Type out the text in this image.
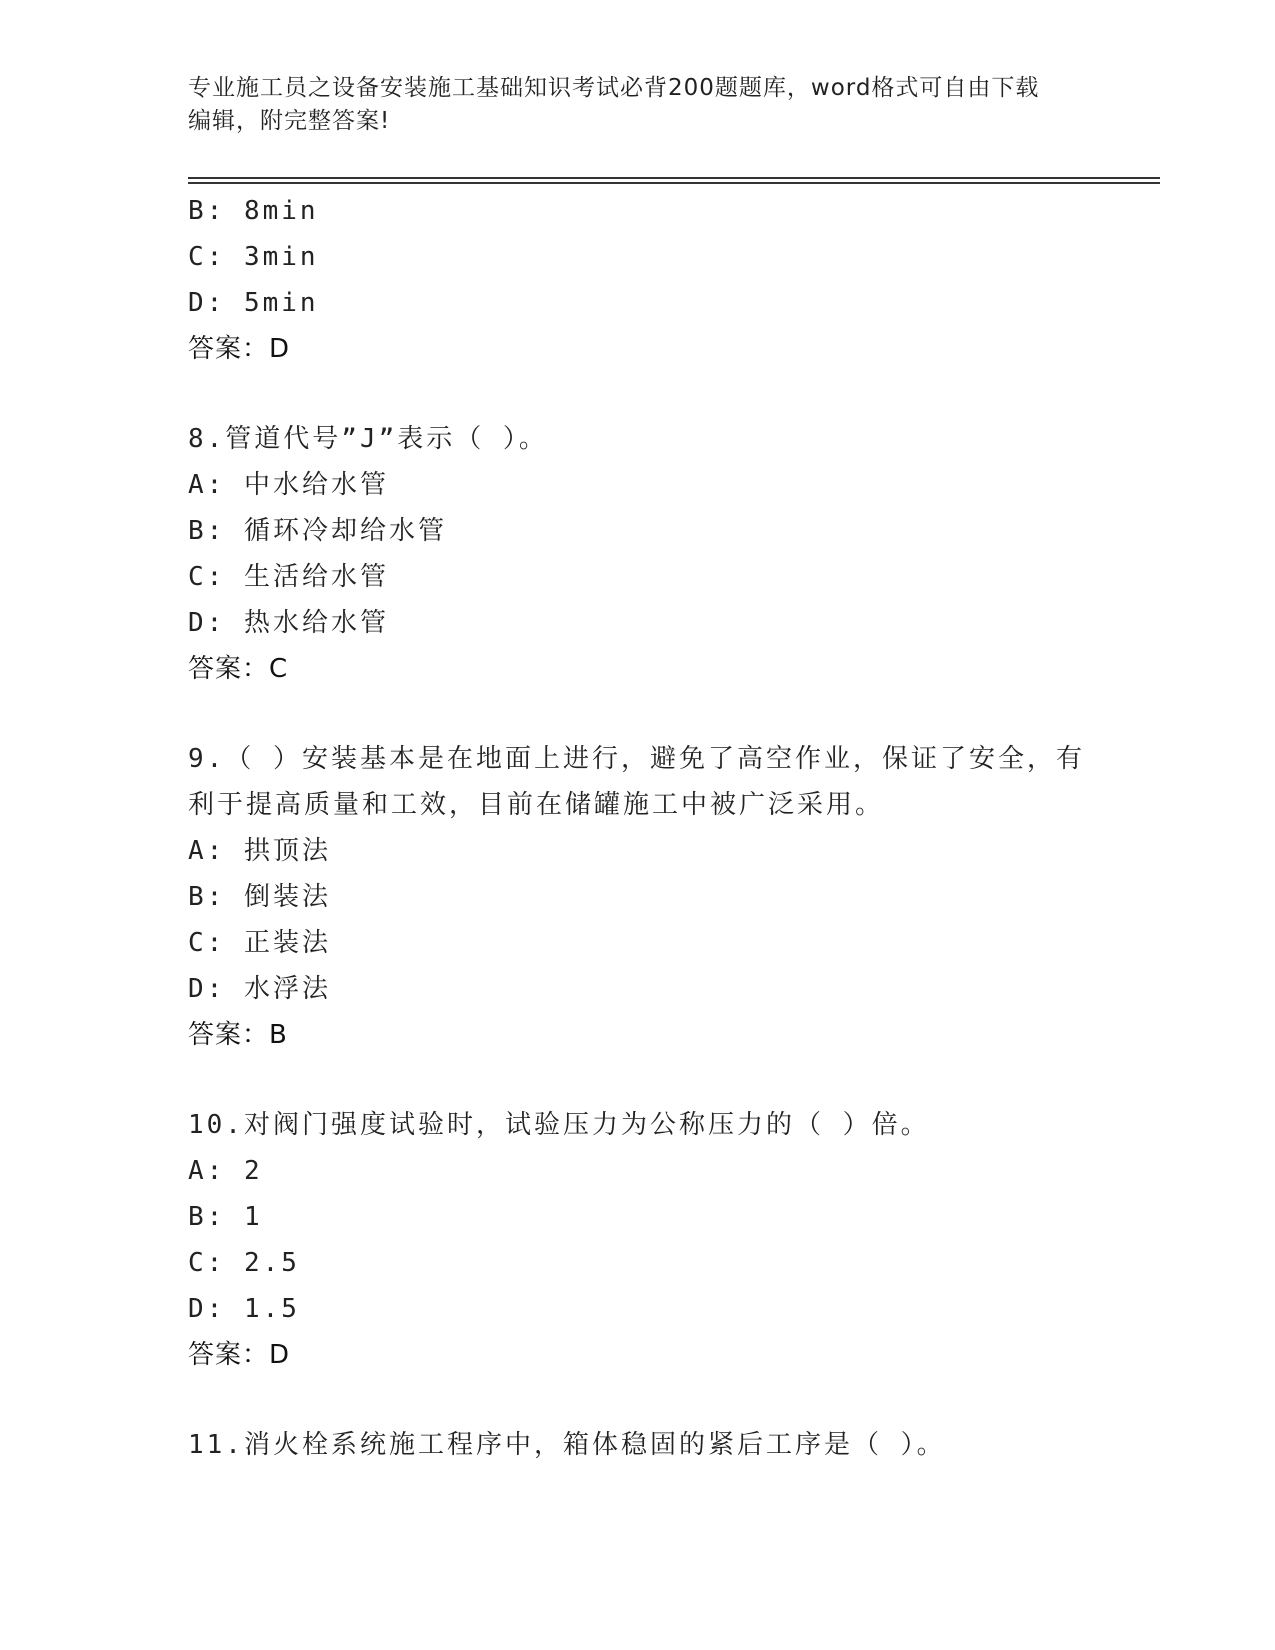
专业施工员之设备安装施工基础知识考试必背200题题库，word格式可自由下载
编辑，附完整答案!
B: 8min
C: 3min
D: 5min
答案：D
8.管道代号”J”表示（ ）。
A: 中水给水管
B: 循环冷却给水管
C: 生活给水管
D: 热水给水管
答案：C
9.（ ）安装基本是在地面上进行，避免了高空作业，保证了安全，有
利于提高质量和工效，目前在储罐施工中被广泛采用。
A: 拱顶法
B: 倒装法
C: 正装法
D: 水浮法
答案：B
10.对阀门强度试验时，试验压力为公称压力的（ ）倍。
A: 2
B: 1
C: 2.5
D: 1.5
答案：D
11.消火栓系统施工程序中，箱体稳固的紧后工序是（ ）。
